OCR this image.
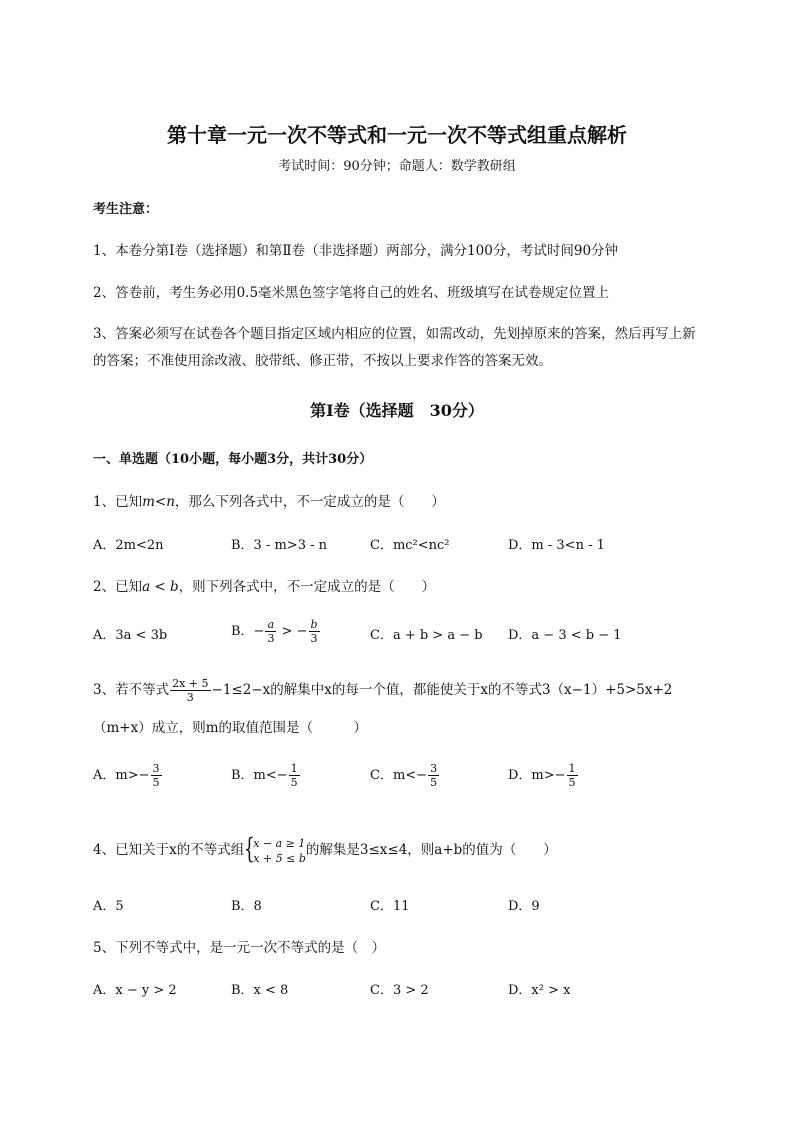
第十章一元一次不等式和一元一次不等式组重点解析
考试时间：90分钟；命题人：数学教研组
考生注意：
1、本卷分第Ⅰ卷（选择题）和第Ⅱ卷（非选择题）两部分，满分100分，考试时间90分钟
2、答卷前，考生务必用0.5毫米黑色签字笔将自己的姓名、班级填写在试卷规定位置上
3、答案必须写在试卷各个题目指定区域内相应的位置，如需改动，先划掉原来的答案，然后再写上新
的答案；不准使用涂改液、胶带纸、修正带，不按以上要求作答的答案无效。
第Ⅰ卷（选择题　30分）
一、单选题（10小题，每小题3分，共计30分）
1、已知m<n，那么下列各式中，不一定成立的是（　　）
A．2m<2n	B．3 - m>3 - n	C．mc²<nc²	D．m - 3<n - 1
2、已知a < b，则下列各式中，不一定成立的是（　　）
A．3a < 3b	B．− $\frac{a}{3}$ > − $\frac{b}{3}$	C．a + b > a − b D．a − 3 < b − 1
3、若不等式 $\frac{2x + 5}{3} -1\le 2-x$的解集中x的每一个值，都能使关于x的不等式3（x−1）+5>5x+2
（m+x）成立，则m的取值范围是（　　　）
A．$m>- \frac{3}{5}$	B．$m<- \frac{1}{5}$	C．$m<- \frac{3}{5}$	D．$m>- \frac{1}{5}$
4、已知关于x的不等式组 {
x − a ≥ 1
x + 5 ≤ b 的解集是3≤x≤4，则a+b的值为（　　）
A．5	B．8	C．11	D．9
5、下列不等式中，是一元一次不等式的是（　）
A．x − y > 2	B．x < 8	C．3 > 2	D．x² > x
